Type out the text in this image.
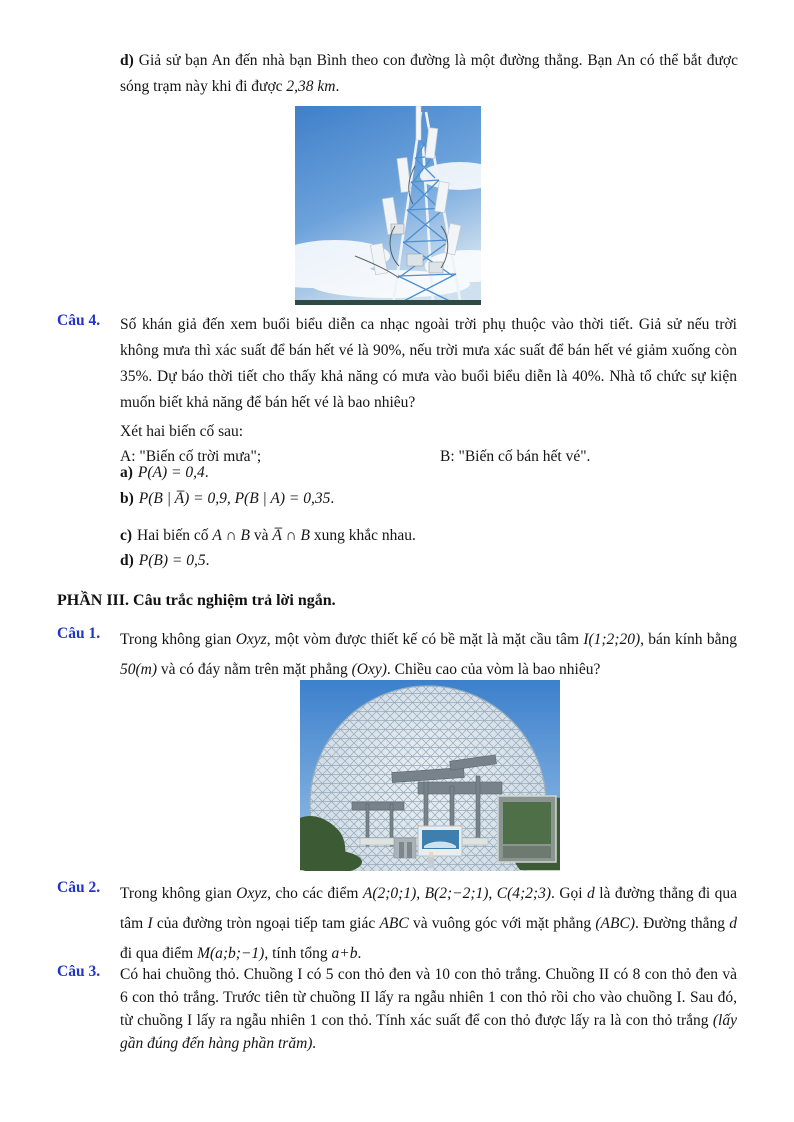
d) Giả sử bạn An đến nhà bạn Bình theo con đường là một đường thẳng. Bạn An có thể bắt được sóng trạm này khi đi được 2,38 km.
Câu 4.	Số khán giả đến xem buổi biểu diễn ca nhạc ngoài trời phụ thuộc vào thời tiết. Giả sử nếu trời không mưa thì xác suất để bán hết vé là 90%, nếu trời mưa xác suất để bán hết vé giảm xuống còn 35%. Dự báo thời tiết cho thấy khả năng có mưa vào buổi biểu diễn là 40%. Nhà tổ chức sự kiện muốn biết khả năng để bán hết vé là bao nhiêu?
Xét hai biến cố sau:
A: "Biến cố trời mưa";	B: "Biến cố bán hết vé".
a) P(A) = 0,4.
b) P(B | A̅) = 0,9, P(B | A) = 0,35.
c) Hai biến cố A ∩ B và A̅ ∩ B xung khắc nhau.
d) P(B) = 0,5.
PHẦN III. Câu trắc nghiệm trả lời ngắn.
Câu 1.	Trong không gian Oxyz, một vòm được thiết kế có bề mặt là mặt cầu tâm I(1;2;20), bán kính bằng 50(m) và có đáy nằm trên mặt phẳng (Oxy). Chiều cao của vòm là bao nhiêu?
Câu 2.	Trong không gian Oxyz, cho các điểm A(2;0;1), B(2;−2;1), C(4;2;3). Gọi d là đường thẳng đi qua tâm I của đường tròn ngoại tiếp tam giác ABC và vuông góc với mặt phẳng (ABC). Đường thẳng d đi qua điểm M(a;b;−1), tính tổng a+b.
Câu 3.	Có hai chuồng thỏ. Chuồng I có 5 con thỏ đen và 10 con thỏ trắng. Chuồng II có 8 con thỏ đen và 6 con thỏ trắng. Trước tiên từ chuồng II lấy ra ngẫu nhiên 1 con thỏ rồi cho vào chuồng I. Sau đó, từ chuồng I lấy ra ngẫu nhiên 1 con thỏ. Tính xác suất để con thỏ được lấy ra là con thỏ trắng (lấy gần đúng đến hàng phần trăm).
